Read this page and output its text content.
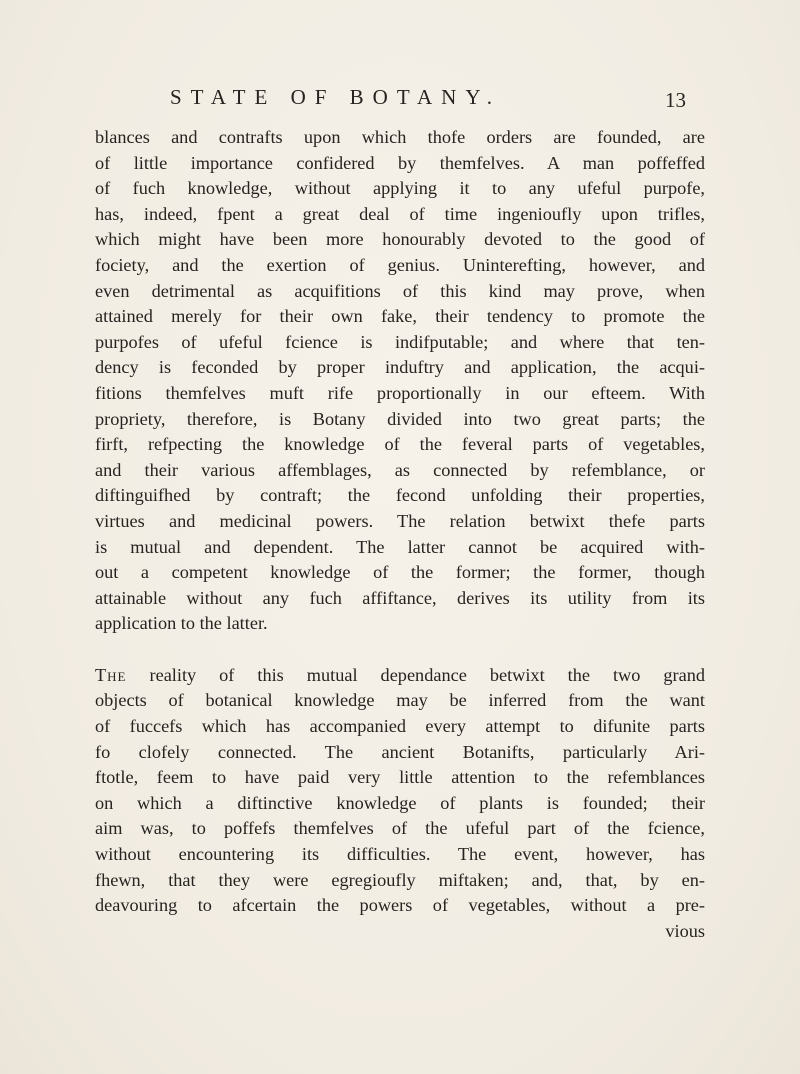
STATE OF BOTANY.	13
blances and contrafts upon which thofe orders are founded, are
of little importance confidered by themfelves. A man poffeffed
of fuch knowledge, without applying it to any ufeful purpofe,
has, indeed, fpent a great deal of time ingenioufly upon trifles,
which might have been more honourably devoted to the good of
fociety, and the exertion of genius. Uninterefting, however, and
even detrimental as acquifitions of this kind may prove, when
attained merely for their own fake, their tendency to promote the
purpofes of ufeful fcience is indifputable; and where that ten-
dency is feconded by proper induftry and application, the acqui-
fitions themfelves muft rife proportionally in our efteem. With
propriety, therefore, is Botany divided into two great parts; the
firft, refpecting the knowledge of the feveral parts of vegetables,
and their various affemblages, as connected by refemblance, or
diftinguifhed by contraft; the fecond unfolding their properties,
virtues and medicinal powers. The relation betwixt thefe parts
is mutual and dependent. The latter cannot be acquired with-
out a competent knowledge of the former; the former, though
attainable without any fuch affiftance, derives its utility from its
application to the latter.
The reality of this mutual dependance betwixt the two grand
objects of botanical knowledge may be inferred from the want
of fuccefs which has accompanied every attempt to difunite parts
fo clofely connected. The ancient Botanifts, particularly Ari-
ftotle, feem to have paid very little attention to the refemblances
on which a diftinctive knowledge of plants is founded; their
aim was, to poffefs themfelves of the ufeful part of the fcience,
without encountering its difficulties. The event, however, has
fhewn, that they were egregioufly miftaken; and, that, by en-
deavouring to afcertain the powers of vegetables, without a pre-
vious
